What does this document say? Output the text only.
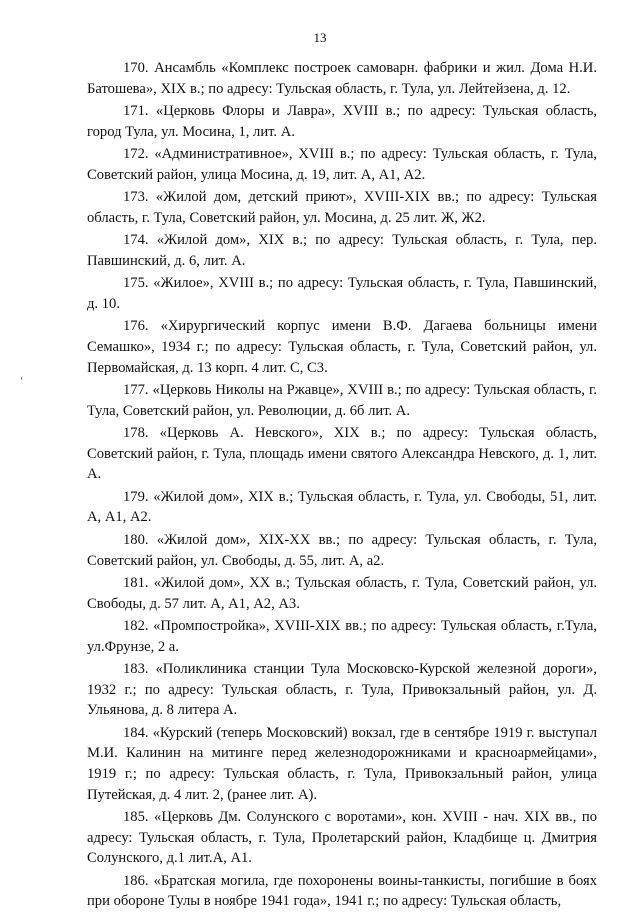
13
‘

170. Ансамбль «Комплекс построек самоварн. фабрики и жил. Дома Н.И. Батошева», XIX в.; по адресу: Тульская область, г. Тула, ул. Лейтейзена, д. 12.

171. «Церковь Флоры и Лавра», XVIII в.; по адресу: Тульская область, город Тула, ул. Мосина, 1, лит. А.

172. «Административное», XVIII в.; по адресу: Тульская область, г. Тула, Советский район, улица Мосина, д. 19, лит. А, А1, А2.

173. «Жилой дом, детский приют», XVIII-XIX вв.; по адресу: Тульская область, г. Тула, Советский район, ул. Мосина, д. 25 лит. Ж, Ж2.

174. «Жилой дом», XIX в.; по адресу: Тульская область, г. Тула, пер. Павшинский, д. 6, лит. А.

175. «Жилое», XVIII в.; по адресу: Тульская область, г. Тула, Павшинский, д. 10.

176. «Хирургический корпус имени В.Ф. Дагаева больницы имени Семашко», 1934 г.; по адресу: Тульская область, г. Тула, Советский район, ул. Первомайская, д. 13 корп. 4 лит. С, С3.

177. «Церковь Николы на Ржавце», XVIII в.; по адресу: Тульская область, г. Тула, Советский район, ул. Революции, д. 6б лит. А.

178. «Церковь А. Невского», XIX в.; по адресу: Тульская область, Советский район, г. Тула, площадь имени святого Александра Невского, д. 1, лит. А.

179. «Жилой дом», XIX в.; Тульская область, г. Тула, ул. Свободы, 51, лит. А, А1, А2.

180. «Жилой дом», XIX-XX вв.; по адресу: Тульская область, г. Тула, Советский район, ул. Свободы, д. 55, лит. А, а2.

181. «Жилой дом», XX в.; Тульская область, г. Тула, Советский район, ул. Свободы, д. 57 лит. А, А1, А2, А3.

182. «Промпостройка», XVIII-XIX вв.; по адресу: Тульская область, г.Тула, ул.Фрунзе, 2 а.

183. «Поликлиника станции Тула Московско-Курской железной дороги», 1932 г.; по адресу: Тульская область, г. Тула, Привокзальный район, ул. Д. Ульянова, д. 8 литера А.

184. «Курский (теперь Московский) вокзал, где в сентябре 1919 г. выступал М.И. Калинин на митинге перед железнодорожниками и красноармейцами», 1919 г.; по адресу: Тульская область, г. Тула, Привокзальный район, улица Путейская, д. 4 лит. 2, (ранее лит. А).

185. «Церковь Дм. Солунского с воротами», кон. XVIII - нач. XIX вв., по адресу: Тульская область, г. Тула, Пролетарский район, Кладбище ц. Дмитрия Солунского, д.1 лит.А, А1.

186. «Братская могила, где похоронены воины-танкисты, погибшие в боях при обороне Тулы в ноябре 1941 года», 1941 г.; по адресу: Тульская область,
